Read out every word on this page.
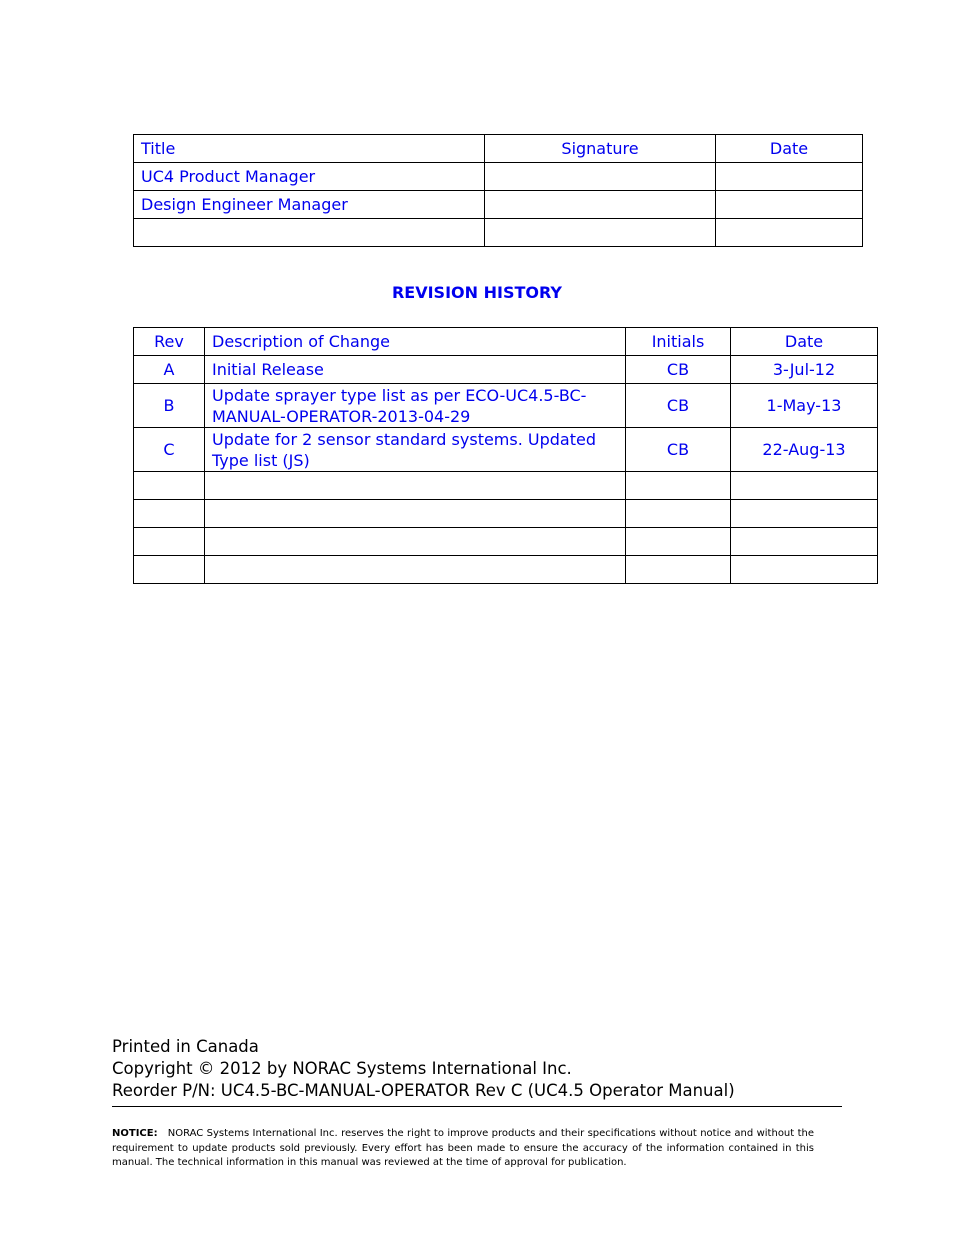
Title	Signature	Date
UC4 Product Manager		
Design Engineer Manager		

REVISION HISTORY
Rev	Description of Change	Initials	Date
A	Initial Release	CB	3-Jul-12
B	Update sprayer type list as per ECO-UC4.5-BC-MANUAL-OPERATOR-2013-04-29	CB	1-May-13
C	Update for 2 sensor standard systems. Updated Type list (JS)	CB	22-Aug-13

Printed in Canada
Copyright © 2012 by NORAC Systems International Inc.
Reorder P/N: UC4.5-BC-MANUAL-OPERATOR Rev C (UC4.5 Operator Manual)
NOTICE: NORAC Systems International Inc. reserves the right to improve products and their specifications without notice and without the requirement to update products sold previously. Every effort has been made to ensure the accuracy of the information contained in this manual. The technical information in this manual was reviewed at the time of approval for publication.
